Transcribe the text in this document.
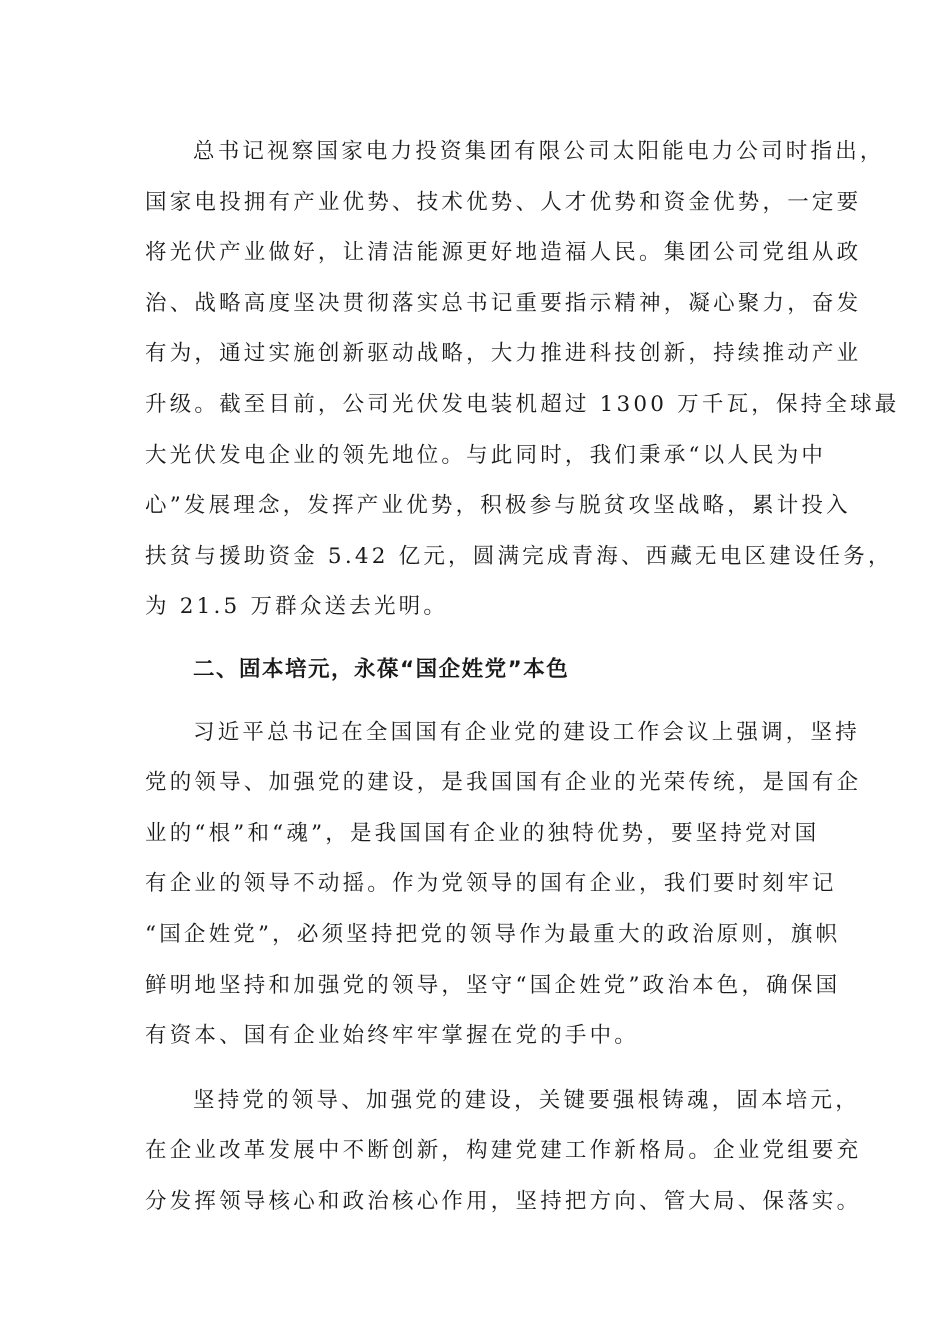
总书记视察国家电力投资集团有限公司太阳能电力公司时指出，
国家电投拥有产业优势、技术优势、人才优势和资金优势，一定要
将光伏产业做好，让清洁能源更好地造福人民。集团公司党组从政
治、战略高度坚决贯彻落实总书记重要指示精神，凝心聚力，奋发
有为，通过实施创新驱动战略，大力推进科技创新，持续推动产业
升级。截至目前，公司光伏发电装机超过 1300 万千瓦，保持全球最
大光伏发电企业的领先地位。与此同时，我们秉承“以人民为中
心”发展理念，发挥产业优势，积极参与脱贫攻坚战略，累计投入
扶贫与援助资金 5.42 亿元，圆满完成青海、西藏无电区建设任务，
为 21.5 万群众送去光明。
二、固本培元，永葆“国企姓党”本色
习近平总书记在全国国有企业党的建设工作会议上强调，坚持
党的领导、加强党的建设，是我国国有企业的光荣传统，是国有企
业的“根”和“魂”，是我国国有企业的独特优势，要坚持党对国
有企业的领导不动摇。作为党领导的国有企业，我们要时刻牢记
“国企姓党”，必须坚持把党的领导作为最重大的政治原则，旗帜
鲜明地坚持和加强党的领导，坚守“国企姓党”政治本色，确保国
有资本、国有企业始终牢牢掌握在党的手中。
坚持党的领导、加强党的建设，关键要强根铸魂，固本培元，
在企业改革发展中不断创新，构建党建工作新格局。企业党组要充
分发挥领导核心和政治核心作用，坚持把方向、管大局、保落实。
